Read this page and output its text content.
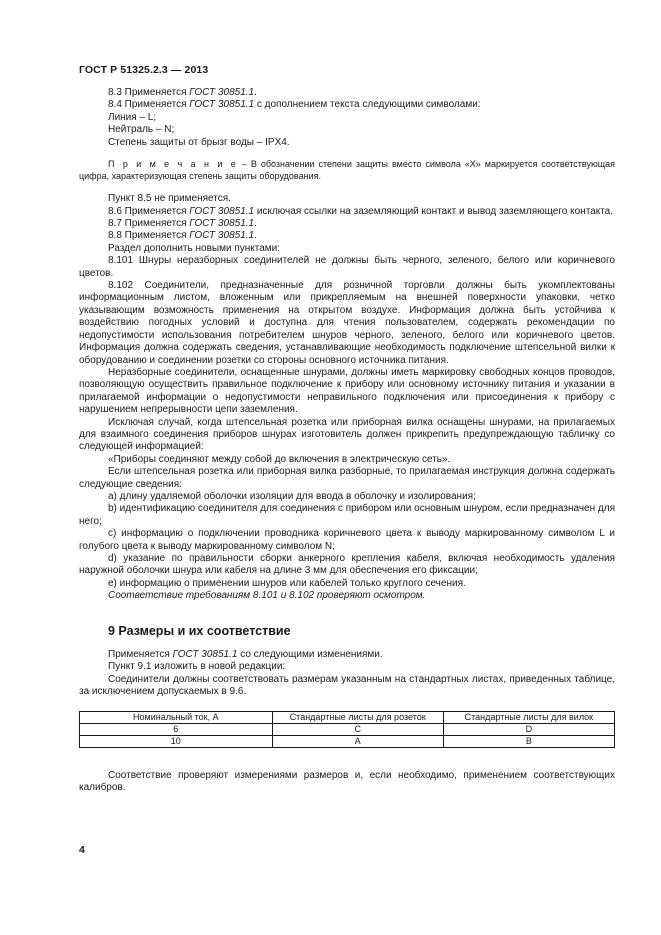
ГОСТ Р 51325.2.3 — 2013

8.3 Применяется ГОСТ 30851.1.

8.4 Применяется ГОСТ 30851.1 с дополнением текста следующими символами:

Линия – L;

Нейтраль – N;

Степень защиты от брызг воды – IPX4.

П р и м е ч а н и е – В обозначении степени защиты вместо символа «Х» маркируется соответствующая цифра, характеризующая степень защиты оборудования.

Пункт 8.5 не применяется.

8.6 Применяется ГОСТ 30851.1 исключая ссылки на заземляющий контакт и вывод заземляющего контакта.

8.7 Применяется ГОСТ 30851.1.

8.8 Применяется ГОСТ 30851.1.

Раздел дополнить новыми пунктами:

8.101 Шнуры неразборных соединителей не должны быть черного, зеленого, белого или коричневого цветов.

8.102 Соединители, предназначенные для розничной торговли должны быть укомплектованы информационным листом, вложенным или прикрепляемым на внешней поверхности упаковки, четко указывающим возможность применения на открытом воздухе. Информация должна быть устойчива к воздействию погодных условий и доступна для чтения пользователем, содержать рекомендации по недопустимости использования потребителем шнуров черного, зеленого, белого или коричневого цветов. Информация должна содержать сведения, устанавливающие необходимость подключение штепсельной вилки к оборудованию и соединении розетки со стороны основного источника питания.

Неразборные соединители, оснащенные шнурами, должны иметь маркировку свободных концов проводов, позволяющую осуществить правильное подключение к прибору или основному источнику питания и указании в прилагаемой информации о недопустимости неправильного подключения или присоединения к прибору с нарушением непрерывности цепи заземления.

Исключая случай, когда штепсельная розетка или приборная вилка оснащены шнурами, на прилагаемых для взаимного соединения приборов шнурах изготовитель должен прикрепить предупреждающую табличку со следующей информацией:

«Приборы соединяют между собой до включения в электрическую сеть».

Если штепсельная розетка или приборная вилка разборные, то прилагаемая инструкция должна содержать следующие сведения:

а) длину удаляемой оболочки изоляции для ввода в оболочку и изолирования;

b) идентификацию соединителя для соединения с прибором или основным шнуром, если предназначен для него;

с) информацию о подключении проводника коричневого цвета к выводу маркированному символом L и голубого цвета к выводу маркированному символом N;

d) указание по правильности сборки анкерного крепления кабеля, включая необходимость удаления наружной оболочки шнура или кабеля на длине 3 мм для обеспечения его фиксации;

е) информацию о применении шнуров или кабелей только круглого сечения.

Соответствие требованиям 8.101 и 8.102 проверяют осмотром.

9 Размеры и их соответствие

Применяется ГОСТ 30851.1 со следующими изменениями.

Пункт 9.1 изложить в новой редакции:

Соединители должны соответствовать размерам указанным на стандартных листах, приведенных таблице, за исключением допускаемых в 9.6.

Номинальный ток, А	Стандартные листы для розеток	Стандартные листы для вилок
6	C	D
10	A	B

Соответствие проверяют измерениями размеров и, если необходимо, применением соответствующих калибров.

4
